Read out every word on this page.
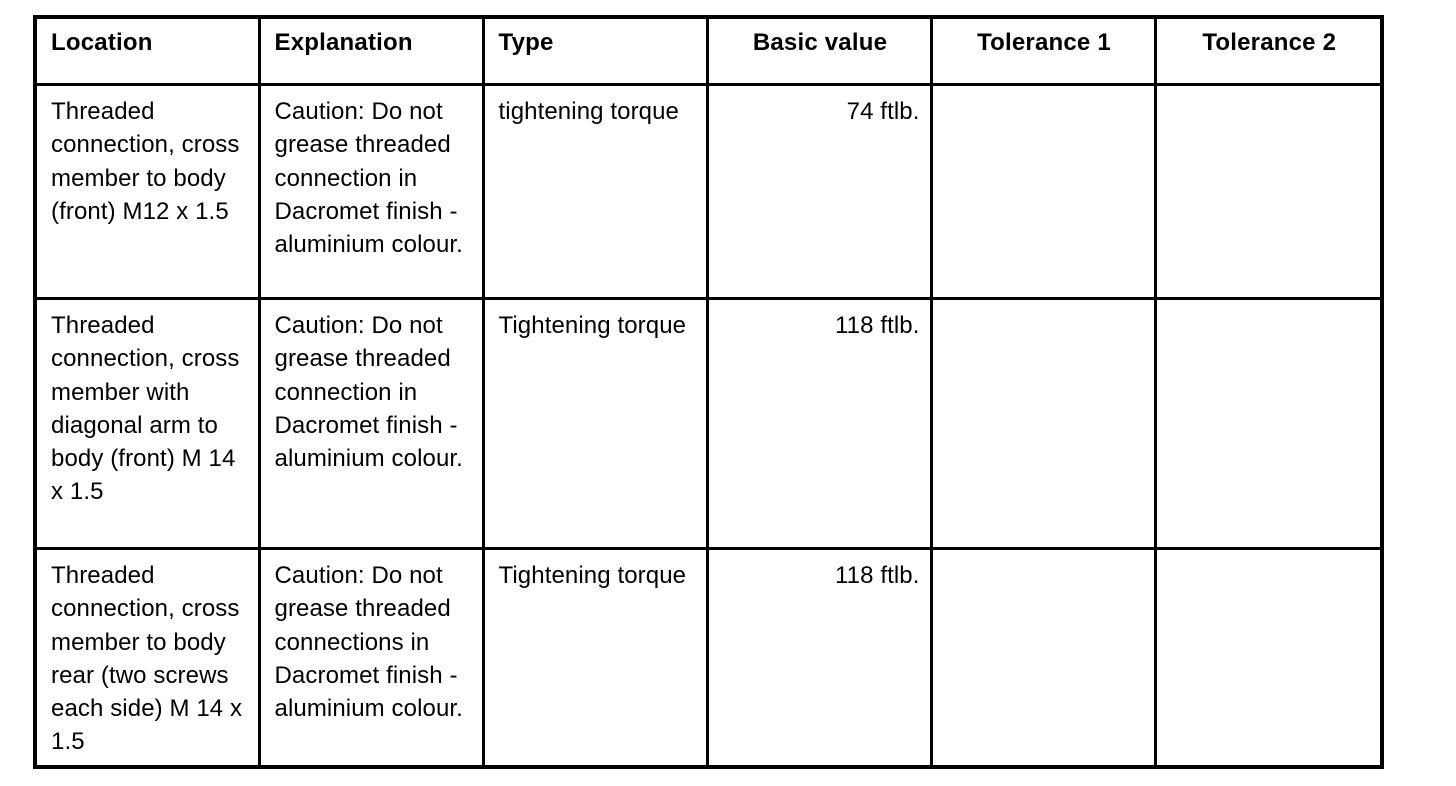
Location	Explanation	Type	Basic value	Tolerance 1	Tolerance 2
Threaded connection, cross member to body (front) M12 x 1.5	Caution: Do not grease threaded connection in Dacromet finish - aluminium colour.	tightening torque	74 ftlb.		
Threaded connection, cross member with diagonal arm to body (front) M 14 x 1.5	Caution: Do not grease threaded connection in Dacromet finish - aluminium colour.	Tightening torque	118 ftlb.		
Threaded connection, cross member to body rear (two screws each side) M 14 x 1.5	Caution: Do not grease threaded connections in Dacromet finish - aluminium colour.	Tightening torque	118 ftlb.		
